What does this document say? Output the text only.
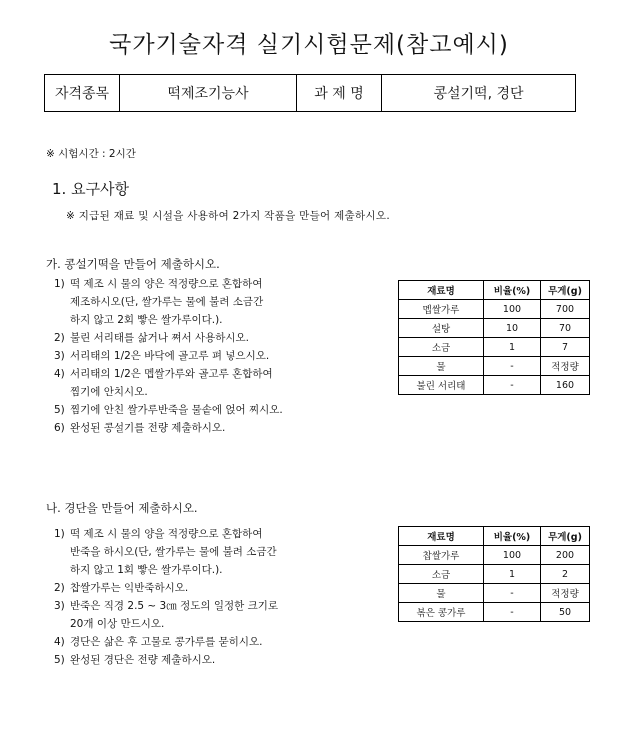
국가기술자격 실기시험문제(참고예시)
자격종목	떡제조기능사	과 제 명	콩설기떡, 경단
※ 시험시간 : 2시간
1. 요구사항
※ 지급된 재료 및 시설을 사용하여 2가지 작품을 만들어 제출하시오.
가. 콩설기떡을 만들어 제출하시오.
1) 떡 제조 시 물의 양은 적정량으로 혼합하여
제조하시오(단, 쌀가루는 물에 불려 소금간
하지 않고 2회 빻은 쌀가루이다.).
2) 불린 서리태를 삶거나 쪄서 사용하시오.
3) 서리태의 1/2은 바닥에 골고루 펴 넣으시오.
4) 서리태의 1/2은 멥쌀가루와 골고루 혼합하여
찜기에 안치시오.
5) 찜기에 안친 쌀가루반죽을 물솥에 얹어 찌시오.
6) 완성된 콩설기를 전량 제출하시오.
재료명	비율(%)	무게(g)
멥쌀가루	100	700
설탕	10	70
소금	1	7
물	-	적정량
불린 서리태	-	160
나. 경단을 만들어 제출하시오.
1) 떡 제조 시 물의 양을 적정량으로 혼합하여
반죽을 하시오(단, 쌀가루는 물에 불려 소금간
하지 않고 1회 빻은 쌀가루이다.).
2) 찹쌀가루는 익반죽하시오.
3) 반죽은 직경 2.5 ~ 3㎝ 정도의 일정한 크기로
20개 이상 만드시오.
4) 경단은 삶은 후 고물로 콩가루를 묻히시오.
5) 완성된 경단은 전량 제출하시오.
재료명	비율(%)	무게(g)
찹쌀가루	100	200
소금	1	2
물	-	적정량
볶은 콩가루	-	50
